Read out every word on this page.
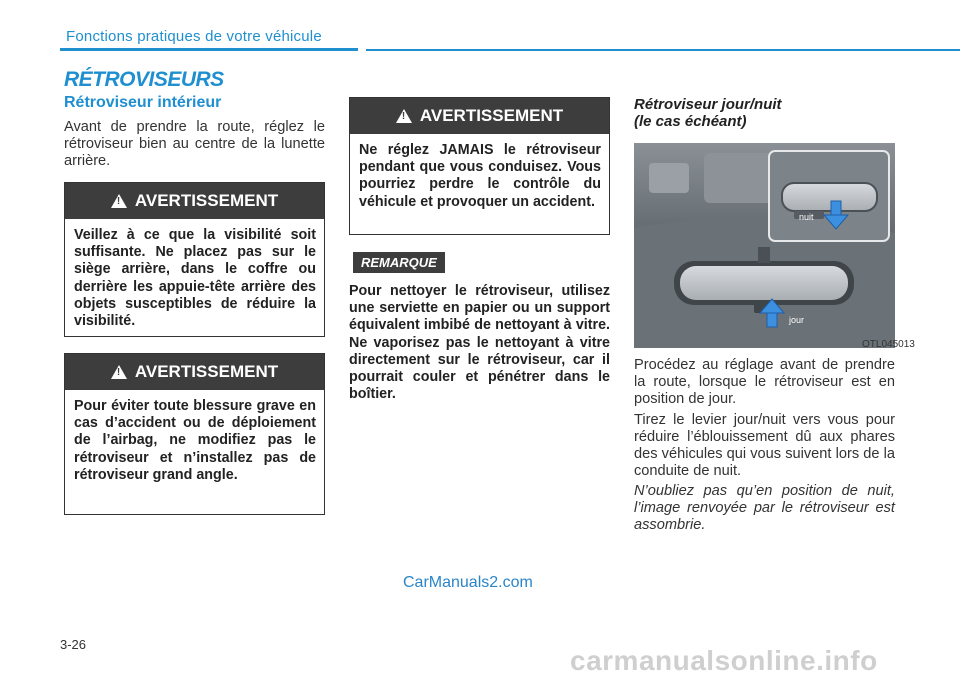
Fonctions pratiques de votre véhicule
RÉTROVISEURS
Rétroviseur intérieur
Avant de prendre la route, réglez le rétroviseur bien au centre de la lunette arrière.
!
AVERTISSEMENT
Veillez à ce que la visibilité soit suffisante. Ne placez pas sur le siège arrière, dans le coffre ou derrière les appuie-tête arrière des objets susceptibles de réduire la visibilité.
!
AVERTISSEMENT
Pour éviter toute blessure grave en cas d’accident ou de déploiement de l’airbag, ne modifiez pas le rétroviseur et n’installez pas de rétroviseur grand angle.
!
AVERTISSEMENT
Ne réglez JAMAIS le rétroviseur pendant que vous conduisez. Vous pourriez perdre le contrôle du véhicule et provoquer un accident.
REMARQUE
Pour nettoyer le rétroviseur, utilisez une serviette en papier ou un support équivalent imbibé de nettoyant à vitre. Ne vaporisez pas le nettoyant à vitre directement sur le rétroviseur, car il pourrait couler et pénétrer dans le boîtier.
Rétroviseur jour/nuit
(le cas échéant)
nuit
jour
OTL045013
Procédez au réglage avant de prendre la route, lorsque le rétroviseur est en position de jour.
Tirez le levier jour/nuit vers vous pour réduire l’éblouissement dû aux phares des véhicules qui vous suivent lors de la conduite de nuit.
N’oubliez pas qu’en position de nuit, l’image renvoyée par le rétroviseur est assombrie.
CarManuals2.com
3-26
carmanualsonline.info
